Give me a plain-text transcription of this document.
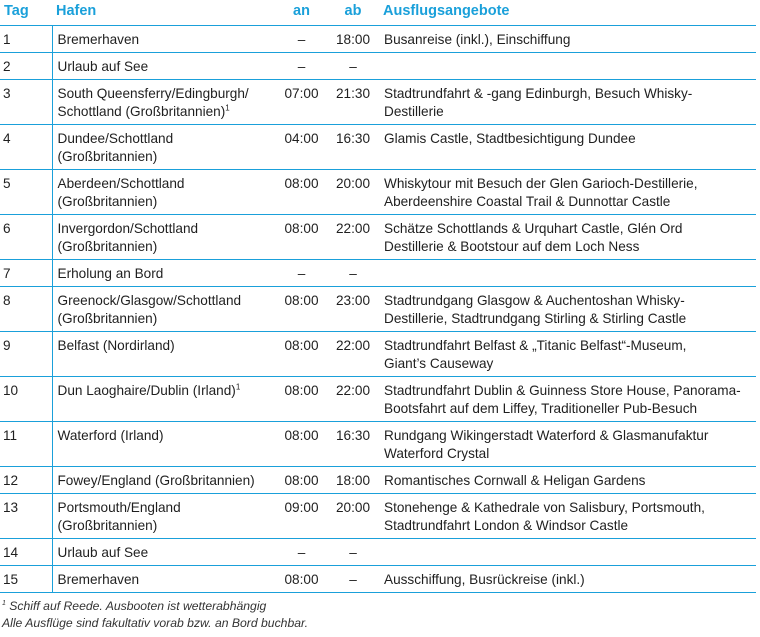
Tag	Hafen	an	ab	Ausflugsangebote
1	Bremerhaven	–	18:00	Busanreise (inkl.), Einschiffung
2	Urlaub auf See	–	–	
3	South Queensferry/Edingburgh/
Schottland (Großbritannien)$^1$	07:00	21:30	Stadtrundfahrt & -gang Edinburgh, Besuch Whisky-
Destillerie
4	Dundee/Schottland
(Großbritannien)	04:00	16:30	Glamis Castle, Stadtbesichtigung Dundee
5	Aberdeen/Schottland
(Großbritannien)	08:00	20:00	Whiskytour mit Besuch der Glen Garioch-Destillerie,
Aberdeenshire Coastal Trail & Dunnottar Castle
6	Invergordon/Schottland
(Großbritannien)	08:00	22:00	Schätze Schottlands & Urquhart Castle, Glén Ord
Destillerie & Bootstour auf dem Loch Ness
7	Erholung an Bord	–	–	
8	Greenock/Glasgow/Schottland
(Großbritannien)	08:00	23:00	Stadtrundgang Glasgow & Auchentoshan Whisky-
Destillerie, Stadtrundgang Stirling & Stirling Castle
9	Belfast (Nordirland)	08:00	22:00	Stadtrundfahrt Belfast & „Titanic Belfast“-Museum,
Giant’s Causeway
10	Dun Laoghaire/Dublin (Irland)$^1$	08:00	22:00	Stadtrundfahrt Dublin & Guinness Store House, Panorama-
Bootsfahrt auf dem Liffey, Traditioneller Pub-Besuch
11	Waterford (Irland)	08:00	16:30	Rundgang Wikingerstadt Waterford & Glasmanufaktur
Waterford Crystal
12	Fowey/England (Großbritannien)	08:00	18:00	Romantisches Cornwall & Heligan Gardens
13	Portsmouth/England
(Großbritannien)	09:00	20:00	Stonehenge & Kathedrale von Salisbury, Portsmouth,
Stadtrundfahrt London & Windsor Castle
14	Urlaub auf See	–	–	
15	Bremerhaven	08:00	–	Ausschiffung, Busrückreise (inkl.)
$^1$ Schiff auf Reede. Ausbooten ist wetterabhängig
Alle Ausflüge sind fakultativ vorab bzw. an Bord buchbar.
